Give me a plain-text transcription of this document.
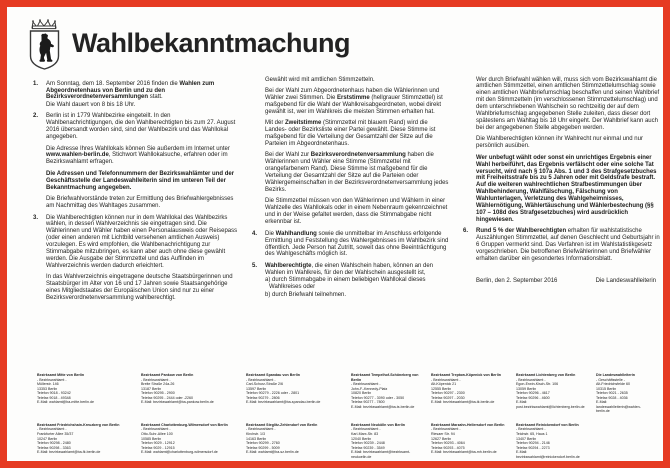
Wahlbekanntmachung
1.	Am Sonntag, dem 18. September 2016 finden die Wahlen zum Abgeordnetenhaus von Berlin und zu den Bezirksverordnetenversammlungen statt.
Die Wahl dauert von 8 bis 18 Uhr.
2.	Berlin ist in 1779 Wahlbezirke eingeteilt. In den Wahlbenachrichtigungen, die den Wahlberechtigten bis zum 27. August 2016 übersandt worden sind, sind der Wahlbezirk und das Wahllokal angegeben.
Die Adresse Ihres Wahllokals können Sie außerdem im Internet unter www.wahlen-berlin.de, Stichwort Wahllokalsuche, erfahren oder im Bezirkswahlamt erfragen.
Die Adressen und Telefonnummern der Bezirkswahlämter und der Geschäftsstelle der Landeswahlleiterin sind im unteren Teil der Bekanntmachung angegeben.
Die Briefwahlvorstände treten zur Ermittlung des Briefwahlergebnisses am Nachmittag des Wahltages zusammen.
3.	Die Wahlberechtigten können nur in dem Wahllokal des Wahlbezirks wählen, in dessen Wahlverzeichnis sie eingetragen sind. Die Wählerinnen und Wähler haben einen Personalausweis oder Reisepass (oder einen anderen mit Lichtbild versehenen amtlichen Ausweis) vorzulegen. Es wird empfohlen, die Wahlbenachrichtigung zur Stimmabgabe mitzubringen, es kann aber auch ohne diese gewählt werden. Die Ausgabe der Stimmzettel und das Auffinden im Wahlverzeichnis werden dadurch erleichtert.
In das Wahlverzeichnis eingetragene deutsche Staatsbürgerinnen und Staatsbürger im Alter von 16 und 17 Jahren sowie Staatsangehörige eines Mitgliedstaates der Europäischen Union sind nur zu einer Bezirksverordnetenversammlung wahlberechtigt.
Gewählt wird mit amtlichen Stimmzetteln.
Bei der Wahl zum Abgeordnetenhaus haben die Wählerinnen und Wähler zwei Stimmen. Die Erststimme (hellgrauer Stimmzettel) ist maßgebend für die Wahl der Wahlkreisabgeordneten, wobei direkt gewählt ist, wer im Wahlkreis die meisten Stimmen erhalten hat.
Mit der Zweitstimme (Stimmzettel mit blauem Rand) wird die Landes- oder Bezirksliste einer Partei gewählt. Diese Stimme ist maßgebend für die Verteilung der Gesamtzahl der Sitze auf die Parteien im Abgeordnetenhaus.
Bei der Wahl zur Bezirksverordnetenversammlung haben die Wählerinnen und Wähler eine Stimme (Stimmzettel mit orangefarbenem Rand). Diese Stimme ist maßgebend für die Verteilung der Gesamtzahl der Sitze auf die Parteien oder Wählergemeinschaften in der Bezirksverordnetenversammlung jedes Bezirks.
Die Stimmzettel müssen von den Wählerinnen und Wählern in einer Wahlzelle des Wahllokals oder in einem Nebenraum gekennzeichnet und in der Weise gefaltet werden, dass die Stimmabgabe nicht erkennbar ist.
4.	Die Wahlhandlung sowie die unmittelbar im Anschluss erfolgende Ermittlung und Feststellung des Wahlergebnisses im Wahlbezirk sind öffentlich. Jede Person hat Zutritt, soweit das ohne Beeinträchtigung des Wahlgeschäfts möglich ist.
5.	Wahlberechtigte, die einen Wahlschein haben, können an den Wahlen im Wahlkreis, für den der Wahlschein ausgestellt ist,
a) durch Stimmabgabe in einem beliebigen Wahllokal dieses Wahlkreises oder
b) durch Briefwahl teilnehmen.
Wer durch Briefwahl wählen will, muss sich vom Bezirkswahlamt die amtlichen Stimmzettel, einen amtlichen Stimmzettelumschlag sowie einen amtlichen Wahlbriefumschlag beschaffen und seinen Wahlbrief mit den Stimmzetteln (im verschlossenen Stimmzettelumschlag) und dem unterschriebenen Wahlschein so rechtzeitig der auf dem Wahlbriefumschlag angegebenen Stelle zuleiten, dass dieser dort spätestens am Wahltag bis 18 Uhr eingeht. Der Wahlbrief kann auch bei der angegebenen Stelle abgegeben werden.
Die Wahlberechtigten können ihr Wahlrecht nur einmal und nur persönlich ausüben.
Wer unbefugt wählt oder sonst ein unrichtiges Ergebnis einer Wahl herbeiführt, das Ergebnis verfälscht oder eine solche Tat versucht, wird nach § 107a Abs. 1 und 3 des Strafgesetzbuches mit Freiheitsstrafe bis zu 5 Jahren oder mit Geldstrafe bestraft. Auf die weiteren wahlrechtlichen Strafbestimmungen über Wahlbehinderung, Wahlfälschung, Fälschung von Wahlunterlagen, Verletzung des Wahlgeheimnisses, Wählernötigung, Wählertäuschung und Wählerbestechung (§§ 107 – 108d des Strafgesetzbuches) wird ausdrücklich hingewiesen.
6.	Rund 5 % der Wahlberechtigten erhalten für wahlstatistische Auszählungen Stimmzettel, auf denen Geschlecht und Geburtsjahr in 6 Gruppen vermerkt sind. Das Verfahren ist im Wahlstatistikgesetz vorgeschrieben. Die betroffenen Briefwählerinnen und Briefwähler erhalten darüber ein gesondertes Informationsblatt.
Berlin, den 2. September 2016	Die Landeswahlleiterin
Bezirksamt Mitte von Berlin
- Bezirkswahlamt -
Müllerstr. 146
13353 Berlin
Telefon 9018 - 93242
Telefax 9018 - 49348
E-Mail: wahlamt@ba-mitte.berlin.de
Bezirksamt Pankow von Berlin
- Bezirkswahlamt -
Breite Straße 24a-26
13187 Berlin
Telefon 90295 - 2900
Telefax 90295 - 2444 oder -2260
E-Mail: bezirkswahlamt@ba-pankow.berlin.de
Bezirksamt Spandau von Berlin
- Bezirkswahlamt -
Carl-Schurz-Straße 2/6
13597 Berlin
Telefon 90279 - 2226 oder - 2801
Telefax 90279 - 2806
E-Mail: bezirkswahlamt@ba-spandau.berlin.de
Bezirksamt Tempelhof-Schöneberg von Berlin
- Bezirkswahlamt -
John-F.-Kennedy-Platz
10820 Berlin
Telefon 90277 - 3090 oder - 3050
Telefax 90277 - 7800
E-Mail: bezirkswahlamt@ba-ts.berlin.de
Bezirksamt Treptow-Köpenick von Berlin
- Bezirkswahlamt -
Alt-Köpenick 21
12555 Berlin
Telefon 90297 - 2300
Telefax 90297 - 2030
E-Mail: bezirkswahlamt@ba-tk.berlin.de
Bezirksamt Lichtenberg von Berlin
- Bezirkswahlamt -
Egon-Erwin-Kisch-Str. 106
13059 Berlin
Telefon 90296 - 4617
Telefax 90296 - 4600
E-Mail: post.bezirkswahlamt@lichtenberg.berlin.de
Die Landeswahlleiterin
- Geschäftsstelle -
Alt-Friedrichsfelde 60
10315 Berlin
Telefon 9021 - 2635
Telefax 9028 - 4036
E-Mail: landeswahlleiterin@wahlen-berlin.de
Bezirksamt Friedrichshain-Kreuzberg von Berlin
- Bezirkswahlamt -
Frankfurter Allee 35/37
10247 Berlin
Telefon 90298 - 2480
Telefax 90298 - 3363
E-Mail: bezirkswahlamt@ba-fk.berlin.de
Bezirksamt Charlottenburg-Wilmersdorf von Berlin
- Bezirkswahlamt -
Otto-Suhr-Allee 100
10585 Berlin
Telefon 9029 - 12912
Telefax 9029 - 12915
E-Mail: wahlamt@charlottenburg-wilmersdorf.de
Bezirksamt Steglitz-Zehlendorf von Berlin
- Bezirkswahlamt -
Kirchstr. 1/3
14163 Berlin
Telefon 90299 - 2760
Telefax 90299 - 5009
E-Mail: wahlamt@ba-sz.berlin.de
Bezirksamt Neukölln von Berlin
- Bezirkswahlamt -
Karl-Marx-Str. 83
12040 Berlin
Telefon 90239 - 2448
Telefax 90239 - 3549
E-Mail: bezirkswahlamt@bezirksamt-neukoelln.de
Bezirksamt Marzahn-Hellersdorf von Berlin
- Bezirkswahlamt -
Riesaer Str. 94
12627 Berlin
Telefon 90293 - 4064
Telefax 90293 - 4075
E-Mail: bezirkswahlamt@ba-mh.berlin.de
Bezirksamt Reinickendorf von Berlin
- Bezirkswahlamt -
Teichstr. 65, Haus 1
13407 Berlin
Telefon 90294 - 2146
Telefax 90294 - 2273
E-Mail: bezirkswahlamt@reinickendorf.berlin.de
